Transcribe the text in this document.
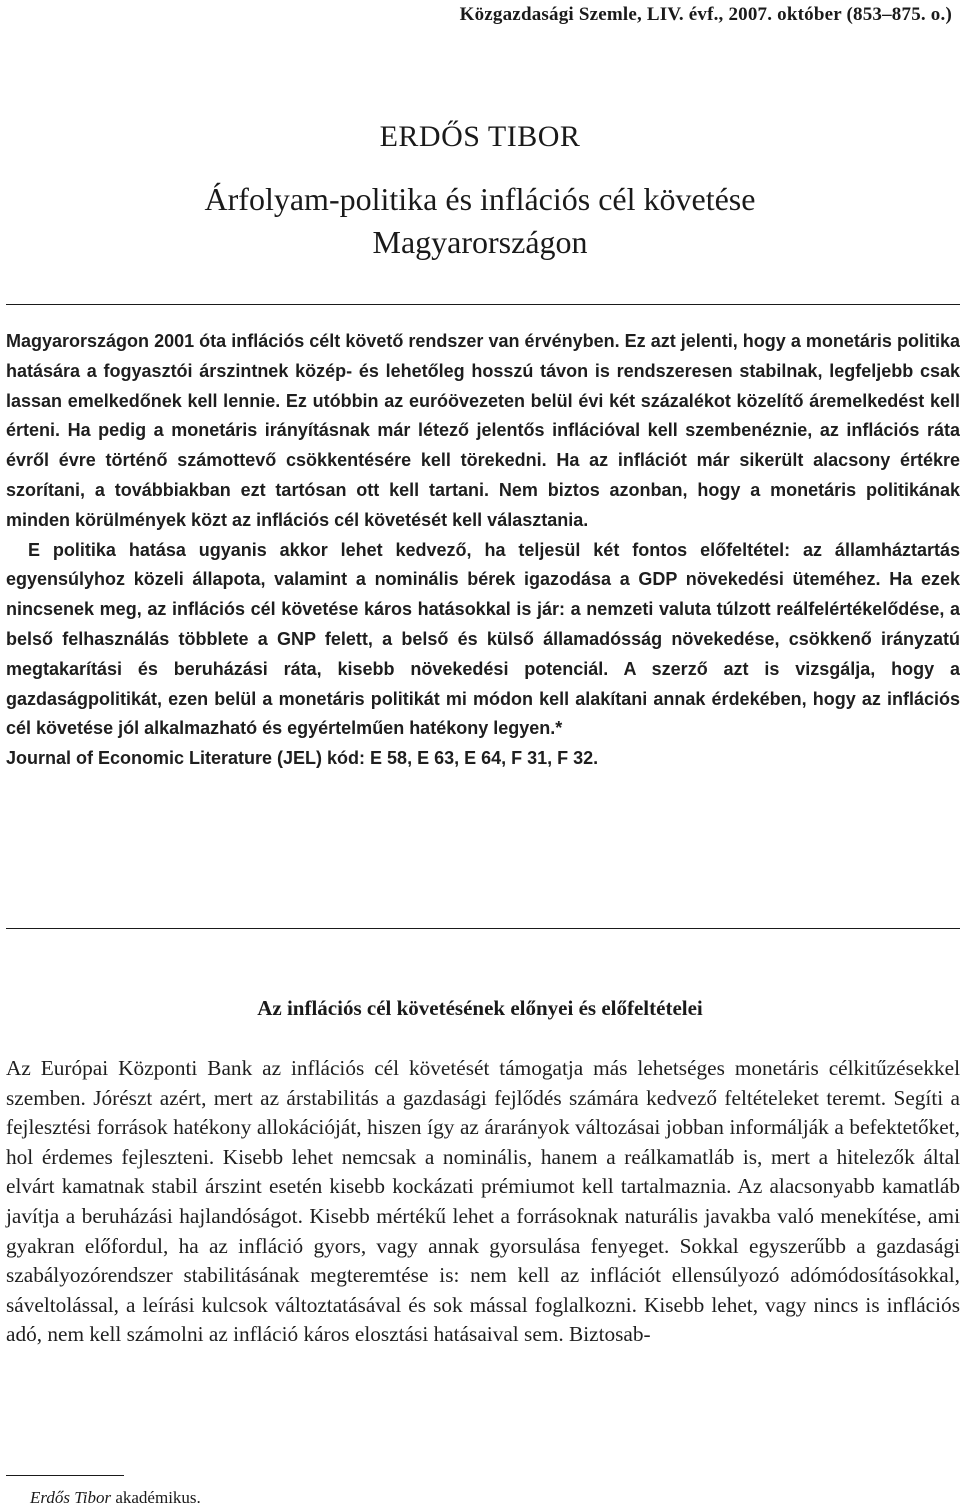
Közgazdasági Szemle, LIV. évf., 2007. október (853–875. o.)
ERDŐS TIBOR
Árfolyam-politika és inflációs cél követése
Magyarországon

Magyarországon 2001 óta inflációs célt követő rendszer van érvényben. Ez azt jelenti, hogy a monetáris politika hatására a fogyasztói árszintnek közép- és lehetőleg hosszú távon is rendszeresen stabilnak, legfeljebb csak lassan emelkedőnek kell lennie. Ez utóbbin az euróövezeten belül évi két százalékot közelítő áremelkedést kell érteni. Ha pedig a monetáris irányításnak már létező jelentős inflációval kell szembenéznie, az inflációs ráta évről évre történő számottevő csökkentésére kell törekedni. Ha az inflációt már sikerült alacsony értékre szorítani, a továbbiakban ezt tartósan ott kell tartani. Nem biztos azonban, hogy a monetáris politikának minden körülmények közt az inflációs cél követését kell választania.

E politika hatása ugyanis akkor lehet kedvező, ha teljesül két fontos előfeltétel: az államháztartás egyensúlyhoz közeli állapota, valamint a nominális bérek igazodása a GDP növekedési üteméhez. Ha ezek nincsenek meg, az inflációs cél követése káros hatásokkal is jár: a nemzeti valuta túlzott reálfelértékelődése, a belső felhasználás többlete a GNP felett, a belső és külső államadósság növekedése, csökkenő irányzatú megtakarítási és beruházási ráta, kisebb növekedési potenciál. A szerző azt is vizsgálja, hogy a gazdaságpolitikát, ezen belül a monetáris politikát mi módon kell alakítani annak érdekében, hogy az inflációs cél követése jól alkalmazható és egyértelműen hatékony legyen.*

Journal of Economic Literature (JEL) kód: E 58, E 63, E 64, F 31, F 32.

Az inflációs cél követésének előnyei és előfeltételei

Az Európai Központi Bank az inflációs cél követését támogatja más lehetséges monetáris célkitűzésekkel szemben. Jórészt azért, mert az árstabilitás a gazdasági fejlődés számára kedvező feltételeket teremt. Segíti a fejlesztési források hatékony allokációját, hiszen így az árarányok változásai jobban informálják a befektetőket, hol érdemes fejleszteni. Kisebb lehet nemcsak a nominális, hanem a reálkamatláb is, mert a hitelezők által elvárt kamatnak stabil árszint esetén kisebb kockázati prémiumot kell tartalmaznia. Az alacsonyabb kamatláb javítja a beruházási hajlandóságot. Kisebb mértékű lehet a forrásoknak naturális javakba való menekítése, ami gyakran előfordul, ha az infláció gyors, vagy annak gyorsulása fenyeget. Sokkal egyszerűbb a gazdasági szabályozórendszer stabilitásának megteremtése is: nem kell az inflációt ellensúlyozó adómódosításokkal, sáveltolással, a leírási kulcsok változtatásával és sok mással foglalkozni. Kisebb lehet, vagy nincs is inflációs adó, nem kell számolni az infláció káros elosztási hatásaival sem. Biztosab-

Erdős Tibor akadémikus.
